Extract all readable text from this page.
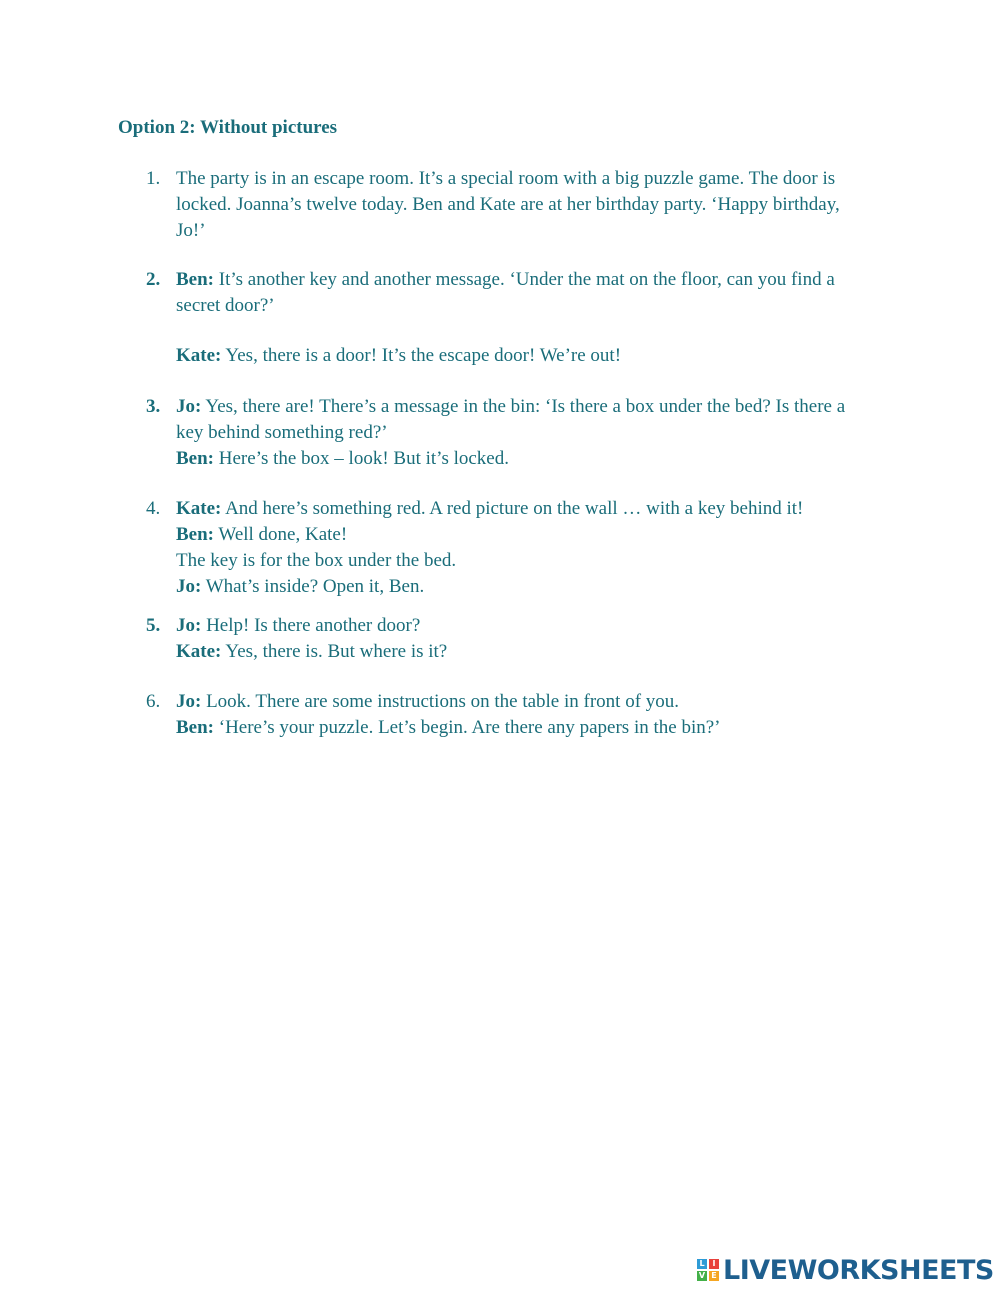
Option 2: Without pictures
1. The party is in an escape room. It’s a special room with a big puzzle game. The door is
locked. Joanna’s twelve today. Ben and Kate are at her birthday party. ‘Happy birthday,
Jo!’
2. Ben: It’s another key and another message. ‘Under the mat on the floor, can you find a
secret door?’
Kate: Yes, there is a door! It’s the escape door! We’re out!
3. Jo: Yes, there are! There’s a message in the bin: ‘Is there a box under the bed? Is there a
key behind something red?’
Ben: Here’s the box – look! But it’s locked.
4. Kate: And here’s something red. A red picture on the wall … with a key behind it!
Ben: Well done, Kate!
The key is for the box under the bed.
Jo: What’s inside? Open it, Ben.
5. Jo: Help! Is there another door?
Kate: Yes, there is. But where is it?
6. Jo: Look. There are some instructions on the table in front of you.
Ben: ‘Here’s your puzzle. Let’s begin. Are there any papers in the bin?’
L I
V E LIVEWORKSHEETS
